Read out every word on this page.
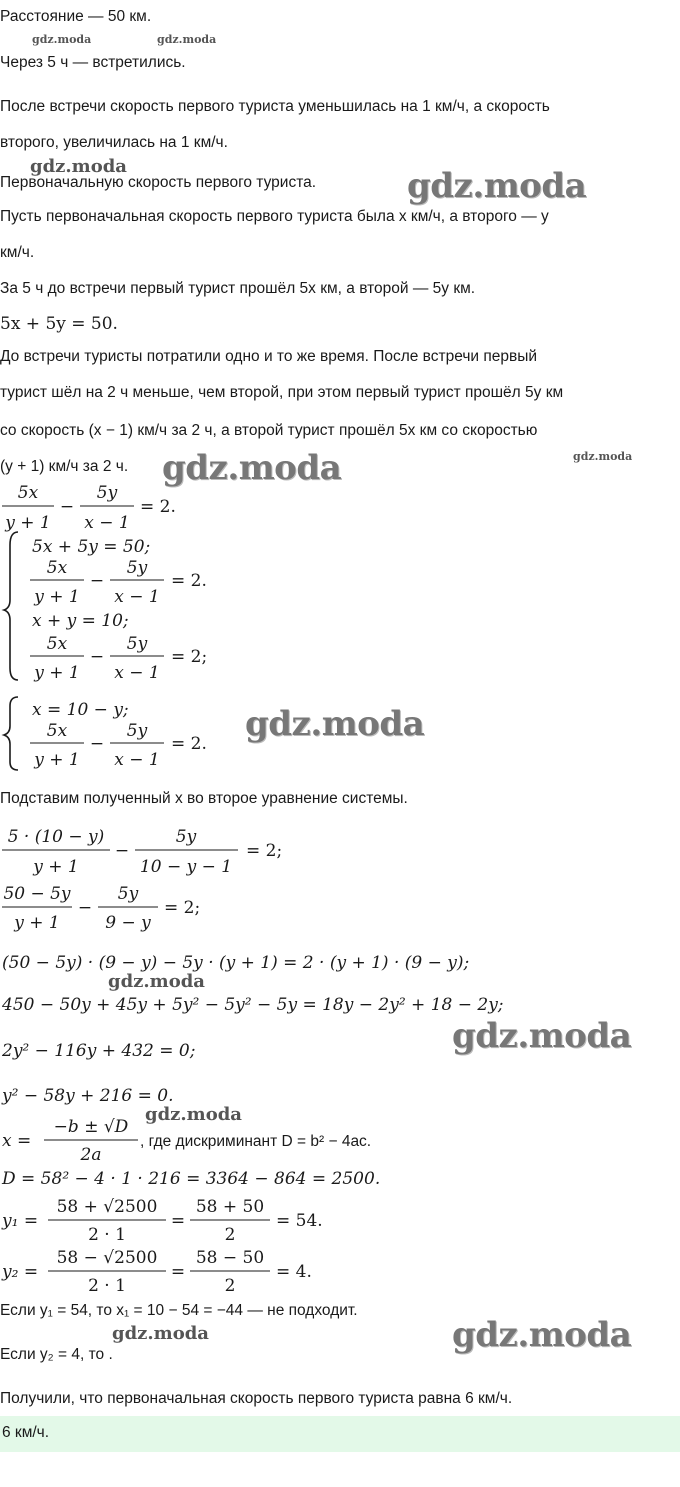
gdz.moda	gdz.moda
gdz.moda	gdz.moda
gdz.moda	gdz.moda
gdz.moda
gdz.moda
gdz.moda
gdz.moda
gdz.moda	gdz.moda
Расстояние — 50 км.
Через 5 ч — встретились.
После встречи скорость первого туриста уменьшилась на 1 км/ч, а скорость
второго, увеличилась на 1 км/ч.
Первоначальную скорость первого туриста.
Пусть первоначальная скорость первого туриста была x км/ч, а второго — y
км/ч.
За 5 ч до встречи первый турист прошёл 5x км, а второй — 5y км.
5x + 5y = 50.
До встречи туристы потратили одно и то же время. После встречи первый
турист шёл на 2 ч меньше, чем второй, при этом первый турист прошёл 5y км
со скорость (x − 1) км/ч за 2 ч, а второй турист прошёл 5x км со скоростью
(y + 1) км/ч за 2 ч.
5x
y + 1
−
5y
x − 1
= 2.
5x + 5y = 50;
5x
y + 1
−
5y
x − 1
= 2.
x + y = 10;
5x
y + 1
−
5y
x − 1
= 2;
x = 10 − y;
5x
y + 1
−
5y
x − 1
= 2.
5 · (10 − y)
y + 1
−
5y
10 − y − 1
= 2;
50 − 5y
y + 1
−
5y
9 − y
= 2;
(50 − 5y) · (9 − y) − 5y · (y + 1) = 2 · (y + 1) · (9 − y);
450 − 50y + 45y + 5y² − 5y² − 5y = 18y − 2y² + 18 − 2y;
2y² − 116y + 432 = 0;
y² − 58y + 216 = 0.
x =
−b ± √D
2a
, где дискриминант D = b² − 4ac.
D = 58² − 4 · 1 · 216 = 3364 − 864 = 2500.
y₁ =
58 + √2500
2 · 1
=
58 + 50
2
= 54.
y₂ =
58 − √2500
2 · 1
=
58 − 50
2
= 4.
Подставим полученный x во второе уравнение системы.
Если y₁ = 54, то x₁ = 10 − 54 = −44 — не подходит.
Если y₂ = 4, то .
Получили, что первоначальная скорость первого туриста равна 6 км/ч.
6 км/ч.
